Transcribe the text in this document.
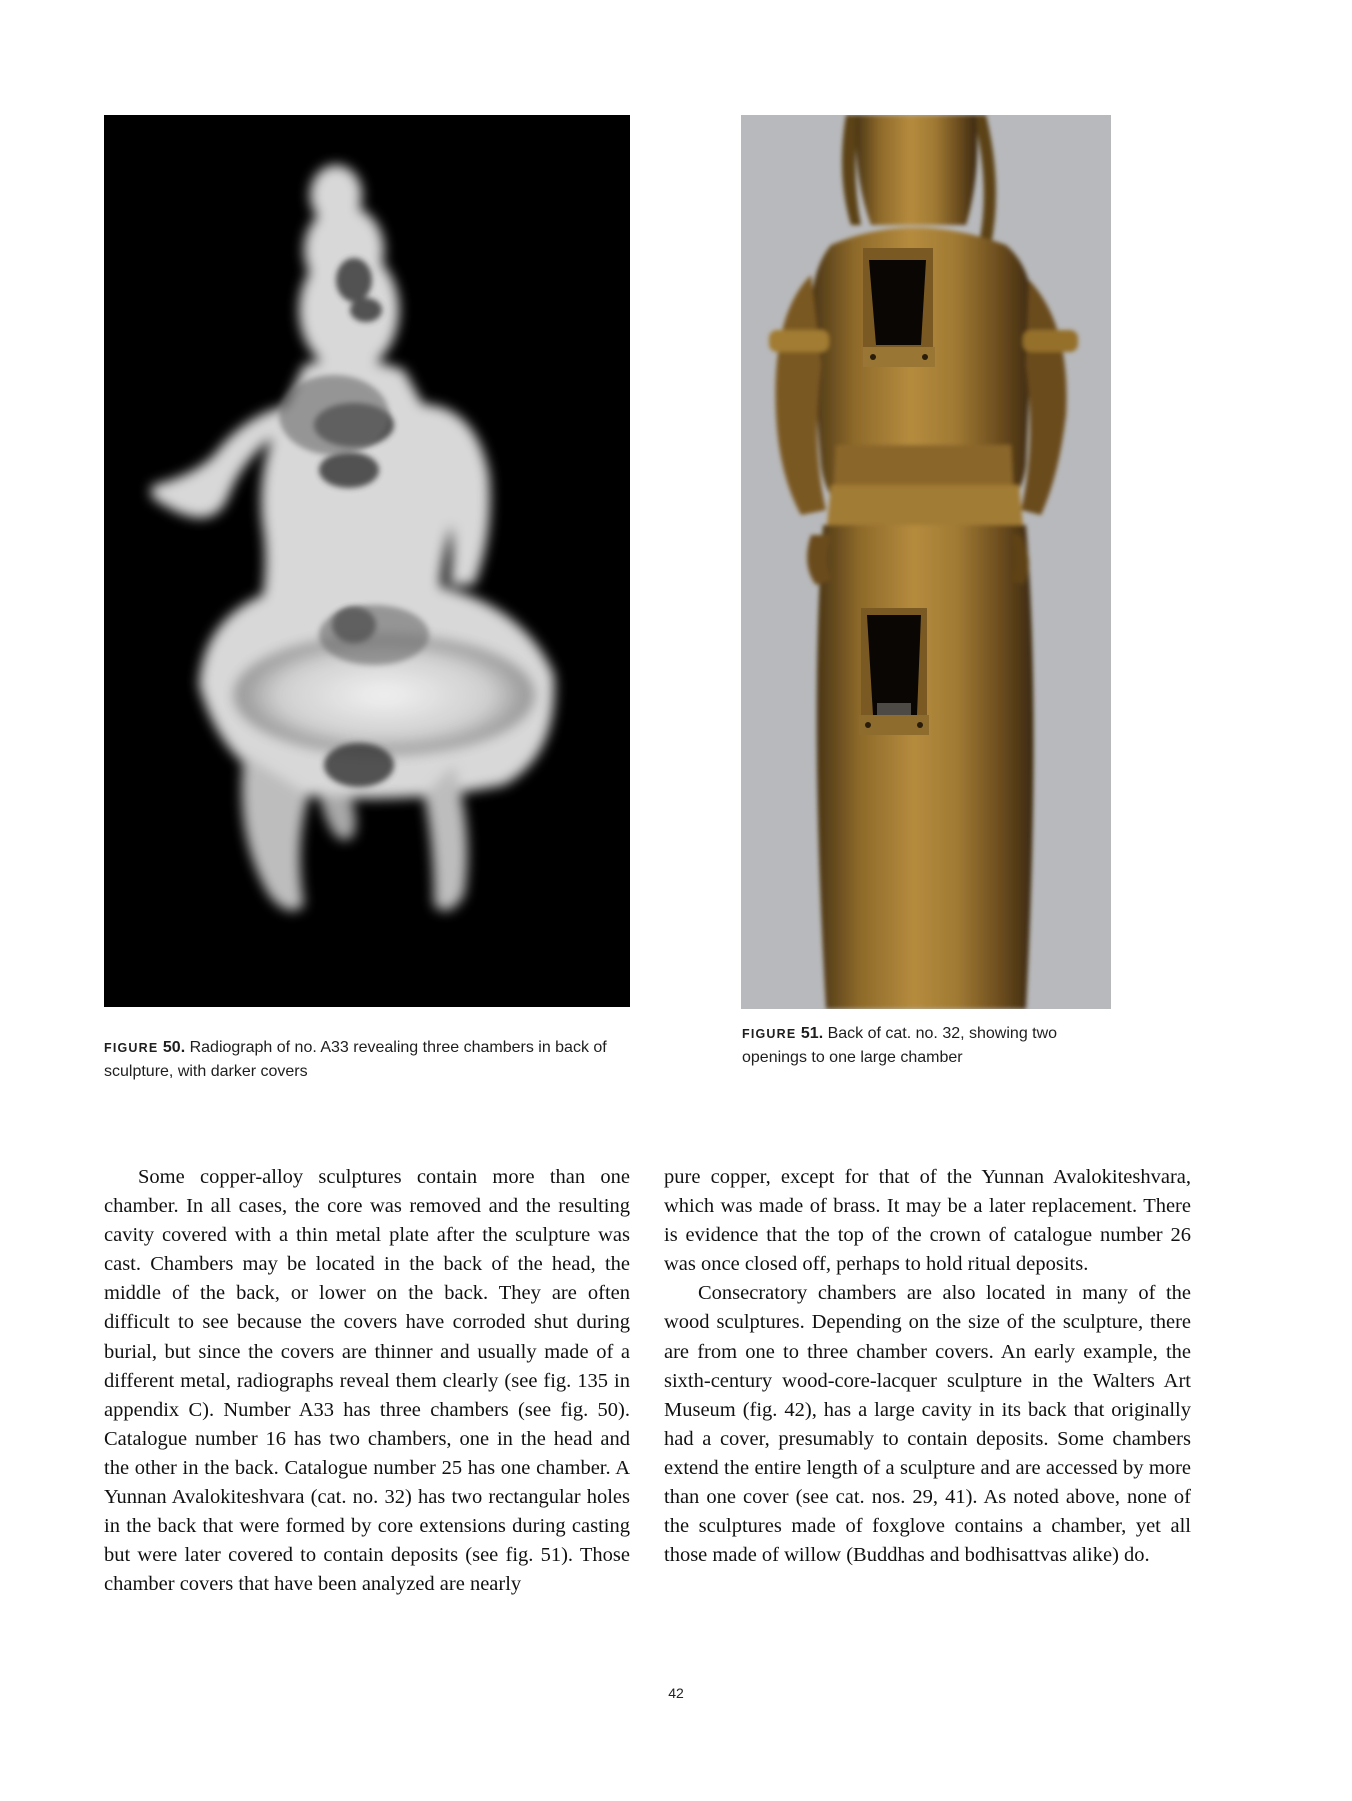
FIGURE 50. Radiograph of no. A33 revealing three chambers in back of sculpture, with darker covers
FIGURE 51. Back of cat. no. 32, showing two openings to one large chamber

Some copper-alloy sculptures contain more than one chamber. In all cases, the core was removed and the resulting cavity covered with a thin metal plate after the sculpture was cast. Chambers may be located in the back of the head, the middle of the back, or lower on the back. They are often difficult to see because the covers have corroded shut during burial, but since the covers are thinner and usually made of a different metal, radiographs reveal them clearly (see fig. 135 in appendix C). Number A33 has three chambers (see fig. 50). Catalogue number 16 has two chambers, one in the head and the other in the back. Catalogue number 25 has one chamber. A Yunnan Avalokiteshvara (cat. no. 32) has two rectangular holes in the back that were formed by core extensions during casting but were later covered to contain deposits (see fig. 51). Those chamber covers that have been analyzed are nearly

pure copper, except for that of the Yunnan Avalokiteshvara, which was made of brass. It may be a later replacement. There is evidence that the top of the crown of catalogue number 26 was once closed off, perhaps to hold ritual deposits.

Consecratory chambers are also located in many of the wood sculptures. Depending on the size of the sculpture, there are from one to three chamber covers. An early example, the sixth-century wood-core-lacquer sculpture in the Walters Art Museum (fig. 42), has a large cavity in its back that originally had a cover, presumably to contain deposits. Some chambers extend the entire length of a sculpture and are accessed by more than one cover (see cat. nos. 29, 41). As noted above, none of the sculptures made of foxglove contains a chamber, yet all those made of willow (Buddhas and bodhisattvas alike) do.

42
